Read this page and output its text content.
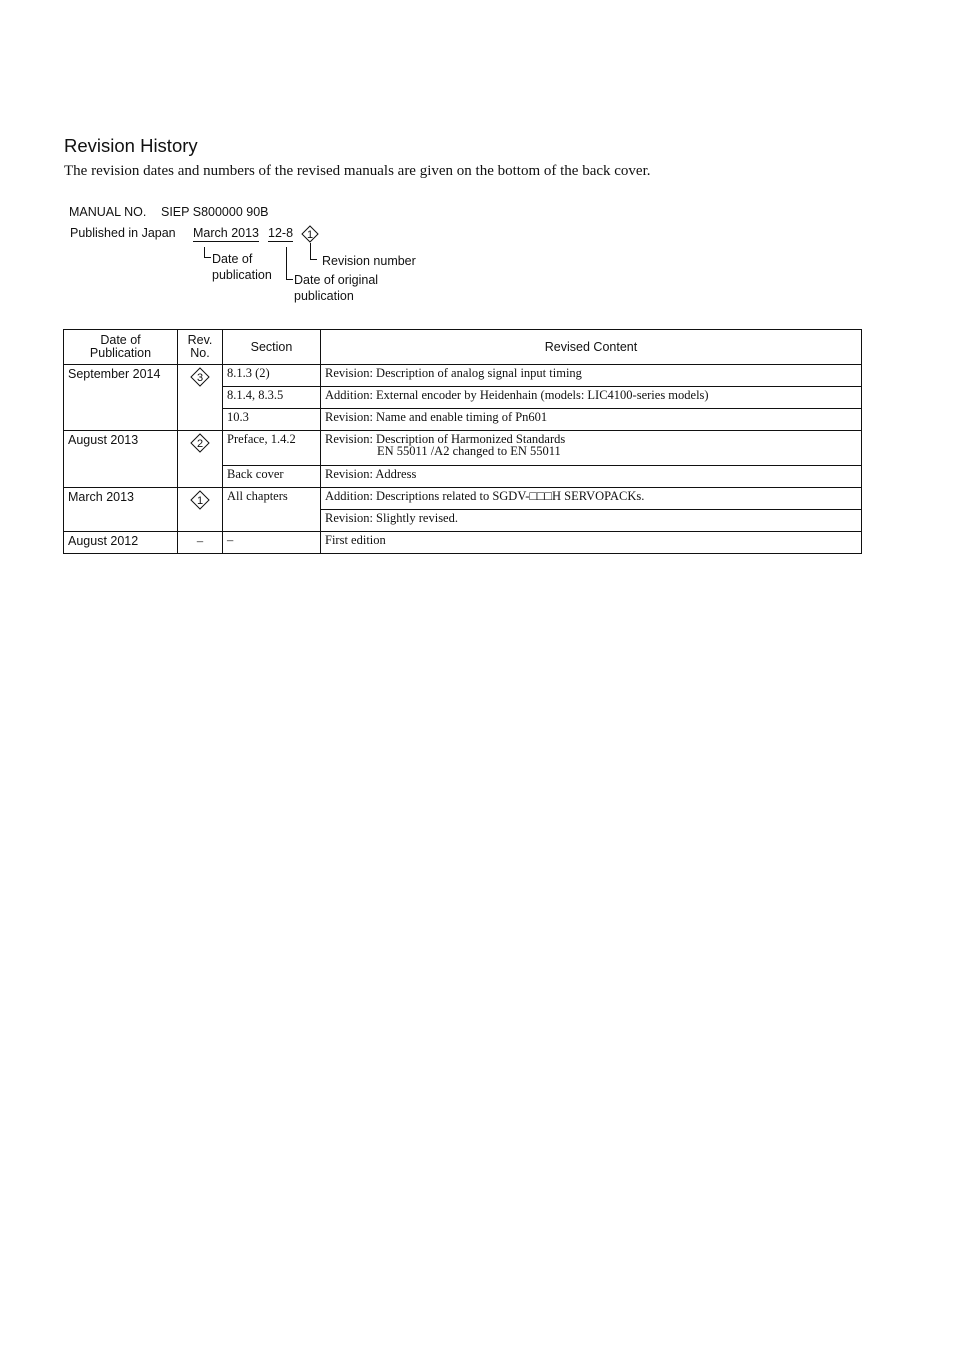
Revision History
The revision dates and numbers of the revised manuals are given on the bottom of the back cover.
MANUAL NO. SIEP S800000 90B
Published in Japan March 2013 12-8 1
Date of
publication Date of original
publication
Revision number
Date of Publication	Rev. No.	Section	Revised Content
September 2014	3	8.1.3 (2)	Revision: Description of analog signal input timing
		8.1.4, 8.3.5	Addition: External encoder by Heidenhain (models: LIC4100-series models)
		10.3	Revision: Name and enable timing of Pn601
August 2013	2	Preface, 1.4.2	Revision: Description of Harmonized Standards
EN 55011 /A2 changed to EN 55011

		Back cover	Revision: Address
March 2013	1	All chapters	Addition: Descriptions related to SGDV-□□□H SERVOPACKs.
			Revision: Slightly revised.
August 2012	–	–	First edition
